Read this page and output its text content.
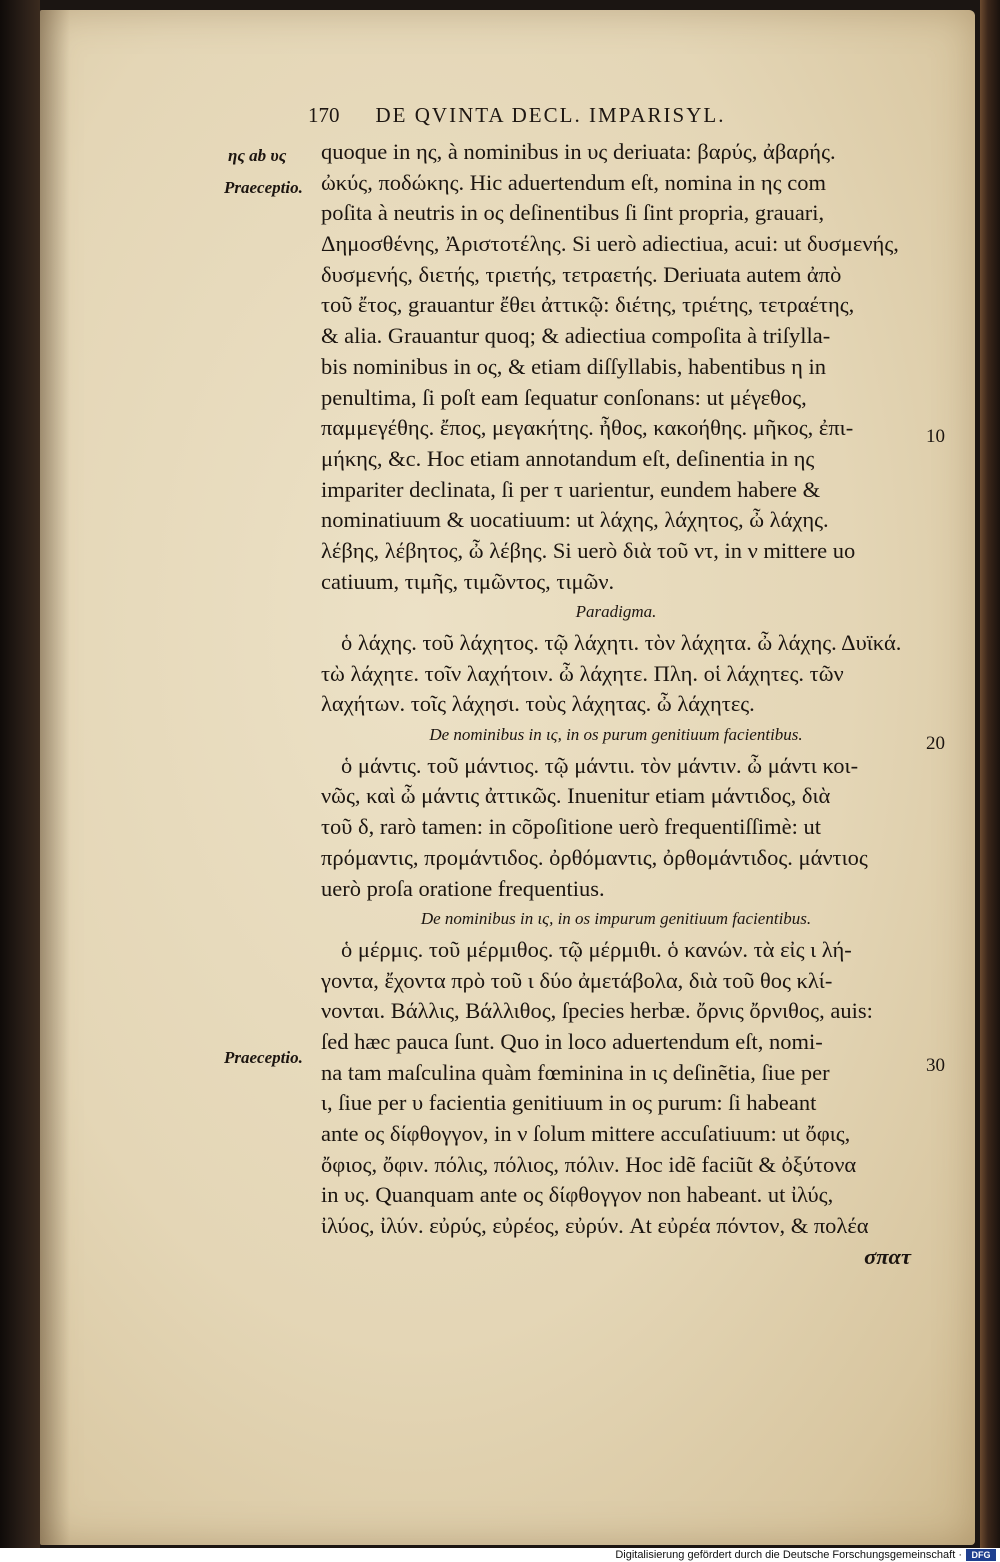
170 DE QVINTA DECL. IMPARISYL.
ης ab υς
Praeceptio.
Praeceptio.
10
20
30
quoque in ης, à nominibus in υς deriuata: βαρύς, ἀβαρής.
ὠκύς, ποδώκης. Hic aduertendum eſt, nomina in ης com
poſita à neutris in ος deſinentibus ſi ſint propria, grauari,
Δημοσθένης, Ἀριστοτέλης. Si uerò adiectiua, acui: ut δυσμενής,
δυσμενής, διετής, τριετής, τετραετής. Deriuata autem ἀπὸ
τοῦ ἔτος, grauantur ἔθει ἀττικῷ: διέτης, τριέτης, τετραέτης,
& alia. Grauantur quoq; & adiectiua compoſita à triſylla-
bis nominibus in ος, & etiam diſſyllabis, habentibus η in
penultima, ſi poſt eam ſequatur conſonans: ut μέγεθος,
παμμεγέθης. ἔπος, μεγακήτης. ἦθος, κακοήθης. μῆκος, ἐπι-
μήκης, &c. Hoc etiam annotandum eſt, deſinentia in ης
impariter declinata, ſi per τ uarientur, eundem habere &
nominatiuum & uocatiuum: ut λάχης, λάχητος, ὦ λάχης.
λέβης, λέβητος, ὦ λέβης. Si uerò διὰ τοῦ ντ, in ν mittere uo
catiuum, τιμῆς, τιμῶντος, τιμῶν.
Paradigma.
ὁ λάχης. τοῦ λάχητος. τῷ λάχητι. τὸν λάχητα. ὦ λάχης. Δυϊκά.
τὼ λάχητε. τοῖν λαχήτοιν. ὦ λάχητε. Πλη. οἱ λάχητες. τῶν
λαχήτων. τοῖς λάχησι. τοὺς λάχητας. ὦ λάχητες.
De nominibus in ις, in os purum genitiuum facientibus.
ὁ μάντις. τοῦ μάντιος. τῷ μάντιι. τὸν μάντιν. ὦ μάντι κοι-
νῶς, καὶ ὦ μάντις ἀττικῶς. Inuenitur etiam μάντιδος, διὰ
τοῦ δ, rarò tamen: in cõpoſitione uerò frequentiſſimè: ut
πρόμαντις, προμάντιδος. ὀρθόμαντις, ὀρθομάντιδος. μάντιος
uerò proſa oratione frequentius.
De nominibus in ις, in os impurum genitiuum facientibus.
ὁ μέρμις. τοῦ μέρμιθος. τῷ μέρμιθι. ὁ κανών. τὰ εἰς ι λή-
γοντα, ἔχοντα πρὸ τοῦ ι δύο ἀμετάβολα, διὰ τοῦ θος κλί-
νονται. Βάλλις, Βάλλιθος, ſpecies herbæ. ὄρνις ὄρνιθος, auis:
ſed hæc pauca ſunt. Quo in loco aduertendum eſt, nomi-
na tam maſculina quàm fœminina in ις deſinẽtia, ſiue per
ι, ſiue per υ facientia genitiuum in ος purum: ſi habeant
ante ος δίφθογγον, in ν ſolum mittere accuſatiuum: ut ὄφις,
ὄφιος, ὄφιν. πόλις, πόλιος, πόλιν. Hoc idẽ faciũt & ὀξύτονα
in υς. Quanquam ante ος δίφθογγον non habeant. ut ἰλύς,
ἰλύος, ἰλύν. εὐρύς, εὐρέος, εὐρύν. At εὐρέα πόντον, & πολέα
σπατ
Digitalisierung gefördert durch die Deutsche Forschungsgemeinschaft ·	DFG
